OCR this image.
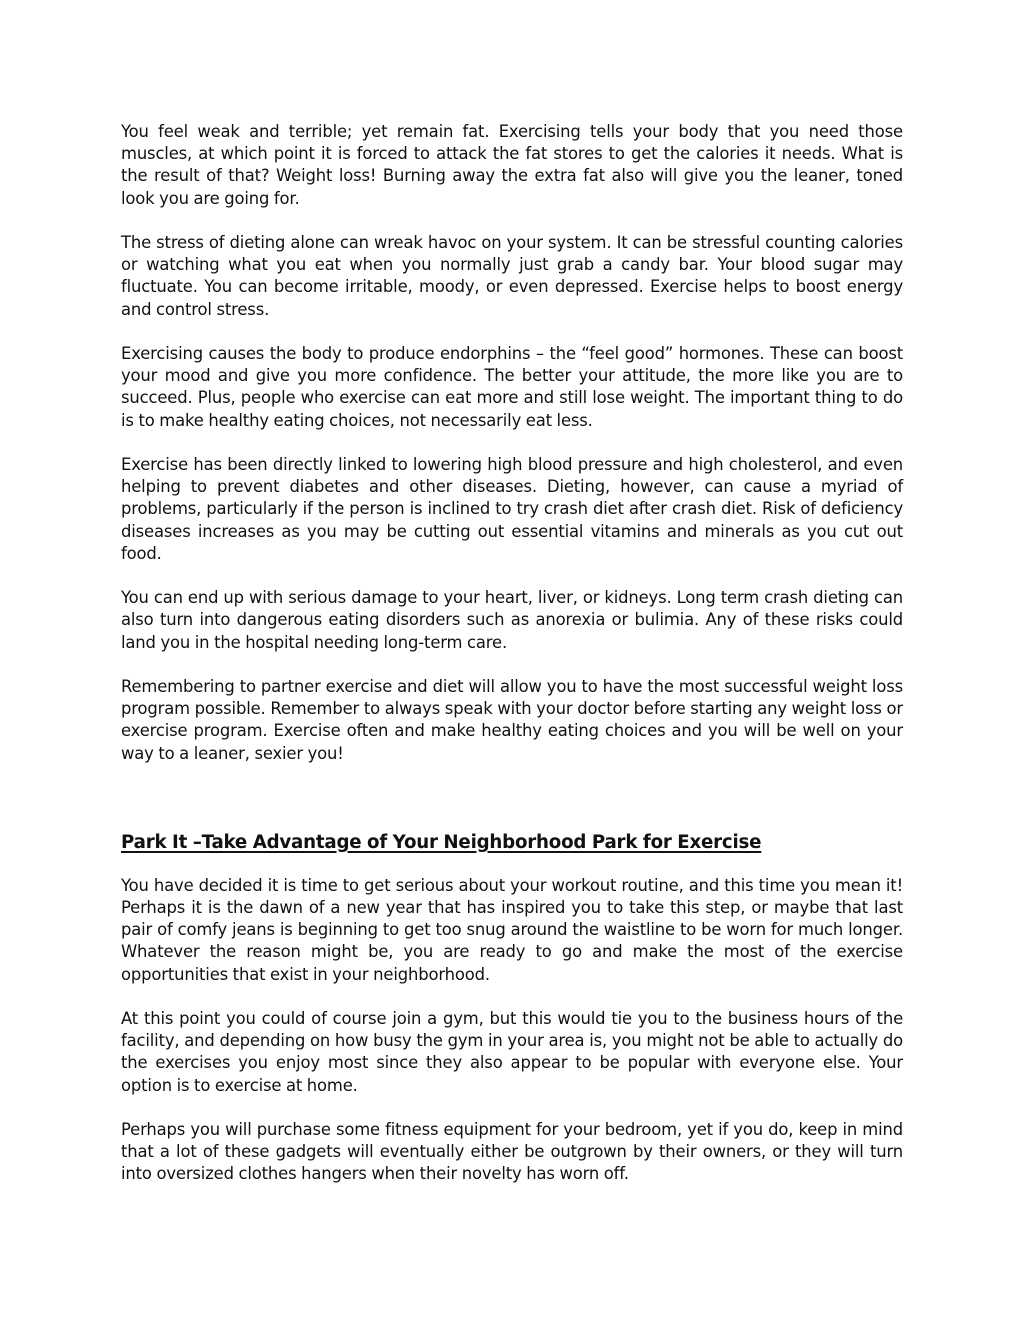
You feel weak and terrible; yet remain fat. Exercising tells your body that you need those muscles, at which point it is forced to attack the fat stores to get the calories it needs. What is the result of that? Weight loss! Burning away the extra fat also will give you the leaner, toned look you are going for.

The stress of dieting alone can wreak havoc on your system. It can be stressful counting calories or watching what you eat when you normally just grab a candy bar. Your blood sugar may fluctuate. You can become irritable, moody, or even depressed. Exercise helps to boost energy and control stress.

Exercising causes the body to produce endorphins – the “feel good” hormones. These can boost your mood and give you more confidence. The better your attitude, the more like you are to succeed. Plus, people who exercise can eat more and still lose weight. The important thing to do is to make healthy eating choices, not necessarily eat less.

Exercise has been directly linked to lowering high blood pressure and high cholesterol, and even helping to prevent diabetes and other diseases. Dieting, however, can cause a myriad of problems, particularly if the person is inclined to try crash diet after crash diet. Risk of deficiency diseases increases as you may be cutting out essential vitamins and minerals as you cut out food.

You can end up with serious damage to your heart, liver, or kidneys. Long term crash dieting can also turn into dangerous eating disorders such as anorexia or bulimia. Any of these risks could land you in the hospital needing long-term care.

Remembering to partner exercise and diet will allow you to have the most successful weight loss program possible. Remember to always speak with your doctor before starting any weight loss or exercise program. Exercise often and make healthy eating choices and you will be well on your way to a leaner, sexier you!

Park It –Take Advantage of Your Neighborhood Park for Exercise

You have decided it is time to get serious about your workout routine, and this time you mean it! Perhaps it is the dawn of a new year that has inspired you to take this step, or maybe that last pair of comfy jeans is beginning to get too snug around the waistline to be worn for much longer. Whatever the reason might be, you are ready to go and make the most of the exercise opportunities that exist in your neighborhood.

At this point you could of course join a gym, but this would tie you to the business hours of the facility, and depending on how busy the gym in your area is, you might not be able to actually do the exercises you enjoy most since they also appear to be popular with everyone else. Your option is to exercise at home.

Perhaps you will purchase some fitness equipment for your bedroom, yet if you do, keep in mind that a lot of these gadgets will eventually either be outgrown by their owners, or they will turn into oversized clothes hangers when their novelty has worn off.
